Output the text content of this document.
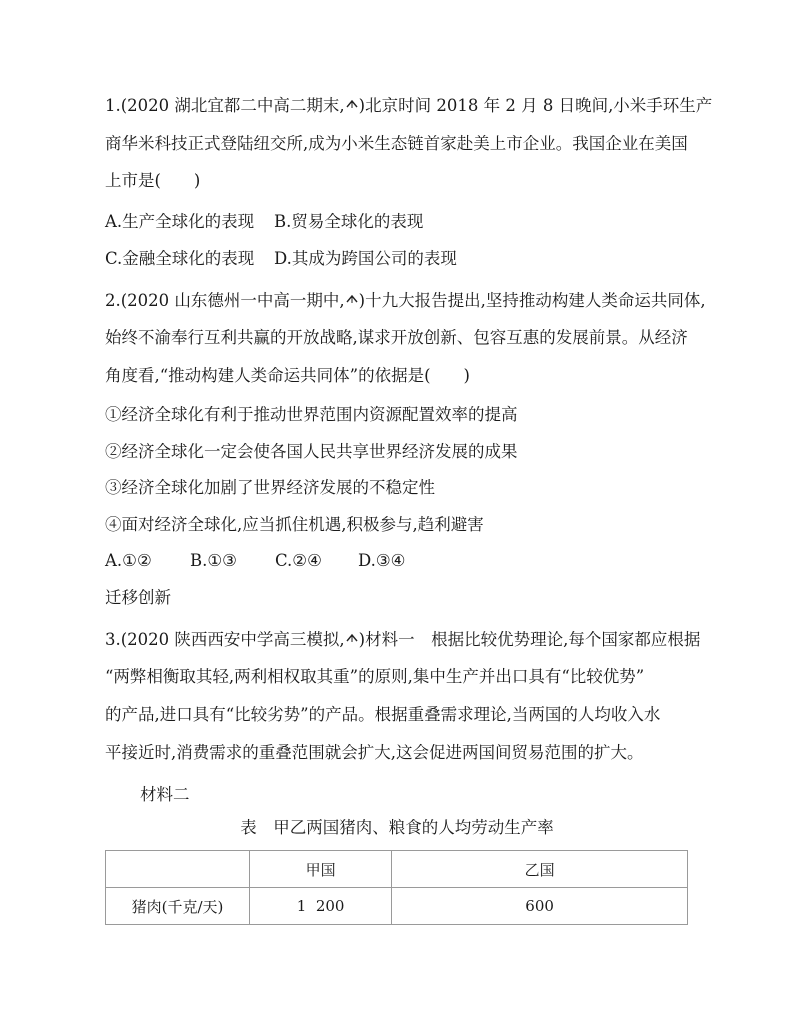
1.(2020 湖北宜都二中高二期末, )北京时间 2018 年 2 月 8 日晚间,小米手环生产
商华米科技正式登陆纽交所,成为小米生态链首家赴美上市企业。我国企业在美国
上市是(　　)
A.生产全球化的表现 B.贸易全球化的表现
C.金融全球化的表现 D.其成为跨国公司的表现
2.(2020 山东德州一中高一期中, )十九大报告提出,坚持推动构建人类命运共同体,
始终不渝奉行互利共赢的开放战略,谋求开放创新、包容互惠的发展前景。从经济
角度看,“推动构建人类命运共同体”的依据是(　　)
①经济全球化有利于推动世界范围内资源配置效率的提高
②经济全球化一定会使各国人民共享世界经济发展的成果
③经济全球化加剧了世界经济发展的不稳定性
④面对经济全球化,应当抓住机遇,积极参与,趋利避害
A.①② B.①③ C.②④ D.③④
迁移创新
3.(2020 陕西西安中学高三模拟, )材料一　根据比较优势理论,每个国家都应根据
“两弊相衡取其轻,两利相权取其重”的原则,集中生产并出口具有“比较优势”
的产品,进口具有“比较劣势”的产品。根据重叠需求理论,当两国的人均收入水
平接近时,消费需求的重叠范围就会扩大,这会促进两国间贸易范围的扩大。
材料二
表　甲乙两国猪肉、粮食的人均劳动生产率
	甲国	乙国
猪肉(千克/天)	1  200	600
